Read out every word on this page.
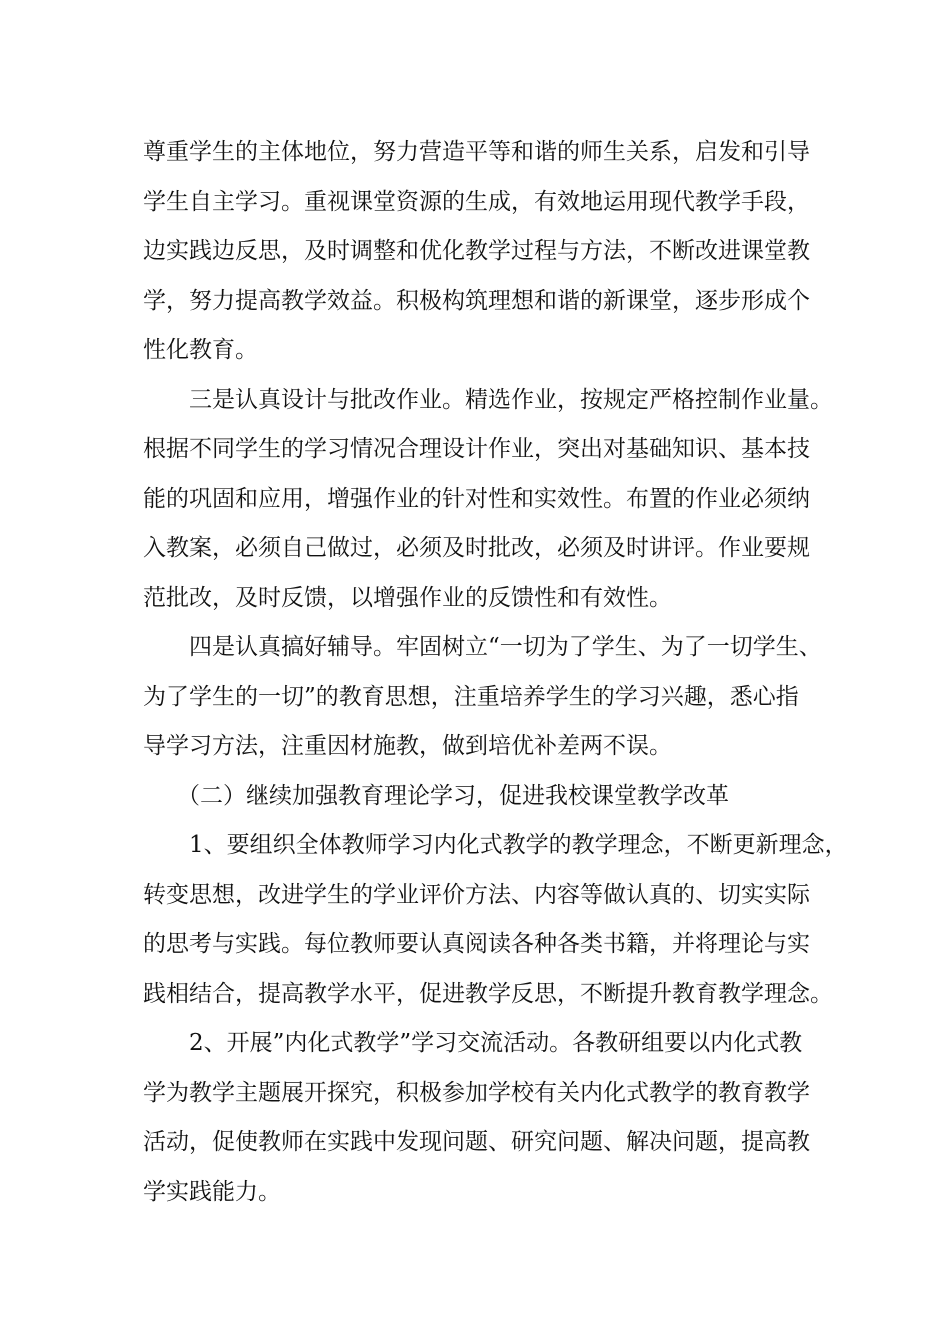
尊重学生的主体地位，努力营造平等和谐的师生关系，启发和引导
学生自主学习。重视课堂资源的生成，有效地运用现代教学手段，
边实践边反思，及时调整和优化教学过程与方法，不断改进课堂教
学，努力提高教学效益。积极构筑理想和谐的新课堂，逐步形成个
性化教育。
三是认真设计与批改作业。精选作业，按规定严格控制作业量。
根据不同学生的学习情况合理设计作业，突出对基础知识、基本技
能的巩固和应用，增强作业的针对性和实效性。布置的作业必须纳
入教案，必须自己做过，必须及时批改，必须及时讲评。作业要规
范批改，及时反馈，以增强作业的反馈性和有效性。
四是认真搞好辅导。牢固树立“一切为了学生、为了一切学生、
为了学生的一切”的教育思想，注重培养学生的学习兴趣，悉心指
导学习方法，注重因材施教，做到培优补差两不误。
（二）继续加强教育理论学习，促进我校课堂教学改革
1、要组织全体教师学习内化式教学的教学理念，不断更新理念，
转变思想，改进学生的学业评价方法、内容等做认真的、切实实际
的思考与实践。每位教师要认真阅读各种各类书籍，并将理论与实
践相结合，提高教学水平，促进教学反思，不断提升教育教学理念。
2、开展”内化式教学”学习交流活动。各教研组要以内化式教
学为教学主题展开探究，积极参加学校有关内化式教学的教育教学
活动，促使教师在实践中发现问题、研究问题、解决问题，提高教
学实践能力。
